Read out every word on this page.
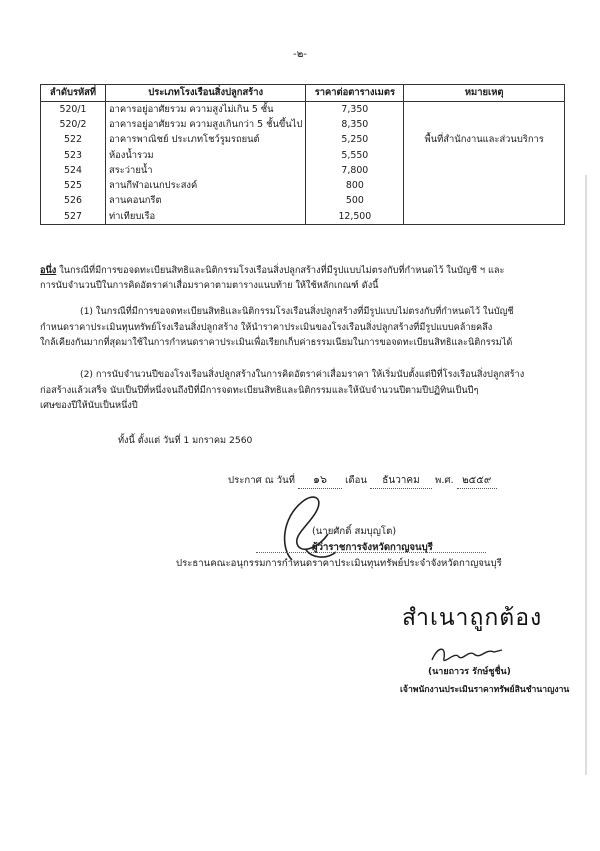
-๒-
ลำดับรหัสที่	ประเภทโรงเรือนสิ่งปลูกสร้าง	ราคาต่อตารางเมตร	หมายเหตุ
520/1	อาคารอยู่อาศัยรวม ความสูงไม่เกิน 5 ชั้น	7,350	
520/2	อาคารอยู่อาศัยรวม ความสูงเกินกว่า 5 ชั้นขึ้นไป	8,350	
522	อาคารพาณิชย์ ประเภทโชว์รูมรถยนต์	5,250	พื้นที่สำนักงานและส่วนบริการ
523	ห้องน้ำรวม	5,550	
524	สระว่ายน้ำ	7,800	
525	ลานกีฬาอเนกประสงค์	800	
526	ลานคอนกรีต	500	
527	ท่าเทียบเรือ	12,500	
อนึ่ง ในกรณีที่มีการขอจดทะเบียนสิทธิและนิติกรรมโรงเรือนสิ่งปลูกสร้างที่มีรูปแบบไม่ตรงกับที่กำหนดไว้ ในบัญชี ฯ และ
การนับจำนวนปีในการคิดอัตราค่าเสื่อมราคาตามตารางแนบท้าย ให้ใช้หลักเกณฑ์ ดังนี้
(1) ในกรณีที่มีการขอจดทะเบียนสิทธิและนิติกรรมโรงเรือนสิ่งปลูกสร้างที่มีรูปแบบไม่ตรงกับที่กำหนดไว้ ในบัญชี
กำหนดราคาประเมินทุนทรัพย์โรงเรือนสิ่งปลูกสร้าง ให้นำราคาประเมินของโรงเรือนสิ่งปลูกสร้างที่มีรูปแบบคล้ายคลึง
ใกล้เคียงกันมากที่สุดมาใช้ในการกำหนดราคาประเมินเพื่อเรียกเก็บค่าธรรมเนียมในการขอจดทะเบียนสิทธิและนิติกรรมได้
(2) การนับจำนวนปีของโรงเรือนสิ่งปลูกสร้างในการคิดอัตราค่าเสื่อมราคา ให้เริ่มนับตั้งแต่ปีที่โรงเรือนสิ่งปลูกสร้าง
ก่อสร้างแล้วเสร็จ นับเป็นปีที่หนึ่งจนถึงปีที่มีการจดทะเบียนสิทธิและนิติกรรมและให้นับจำนวนปีตามปีปฏิทินเป็นปีๆ
เศษของปีให้นับเป็นหนึ่งปี
ทั้งนี้ ตั้งแต่ วันที่ 1 มกราคม 2560
ประกาศ ณ วันที่ ๑๖ เดือน ธันวาคม พ.ศ. ๒๕๕๙
(นายศักดิ์ สมบุญโต)
ผู้ว่าราชการจังหวัดกาญจนบุรี
ประธานคณะอนุกรรมการกำหนดราคาประเมินทุนทรัพย์ประจำจังหวัดกาญจนบุรี
สำเนาถูกต้อง
(นายถาวร รักษ์ชูชื่น)
เจ้าพนักงานประเมินราคาทรัพย์สินชำนาญงาน
